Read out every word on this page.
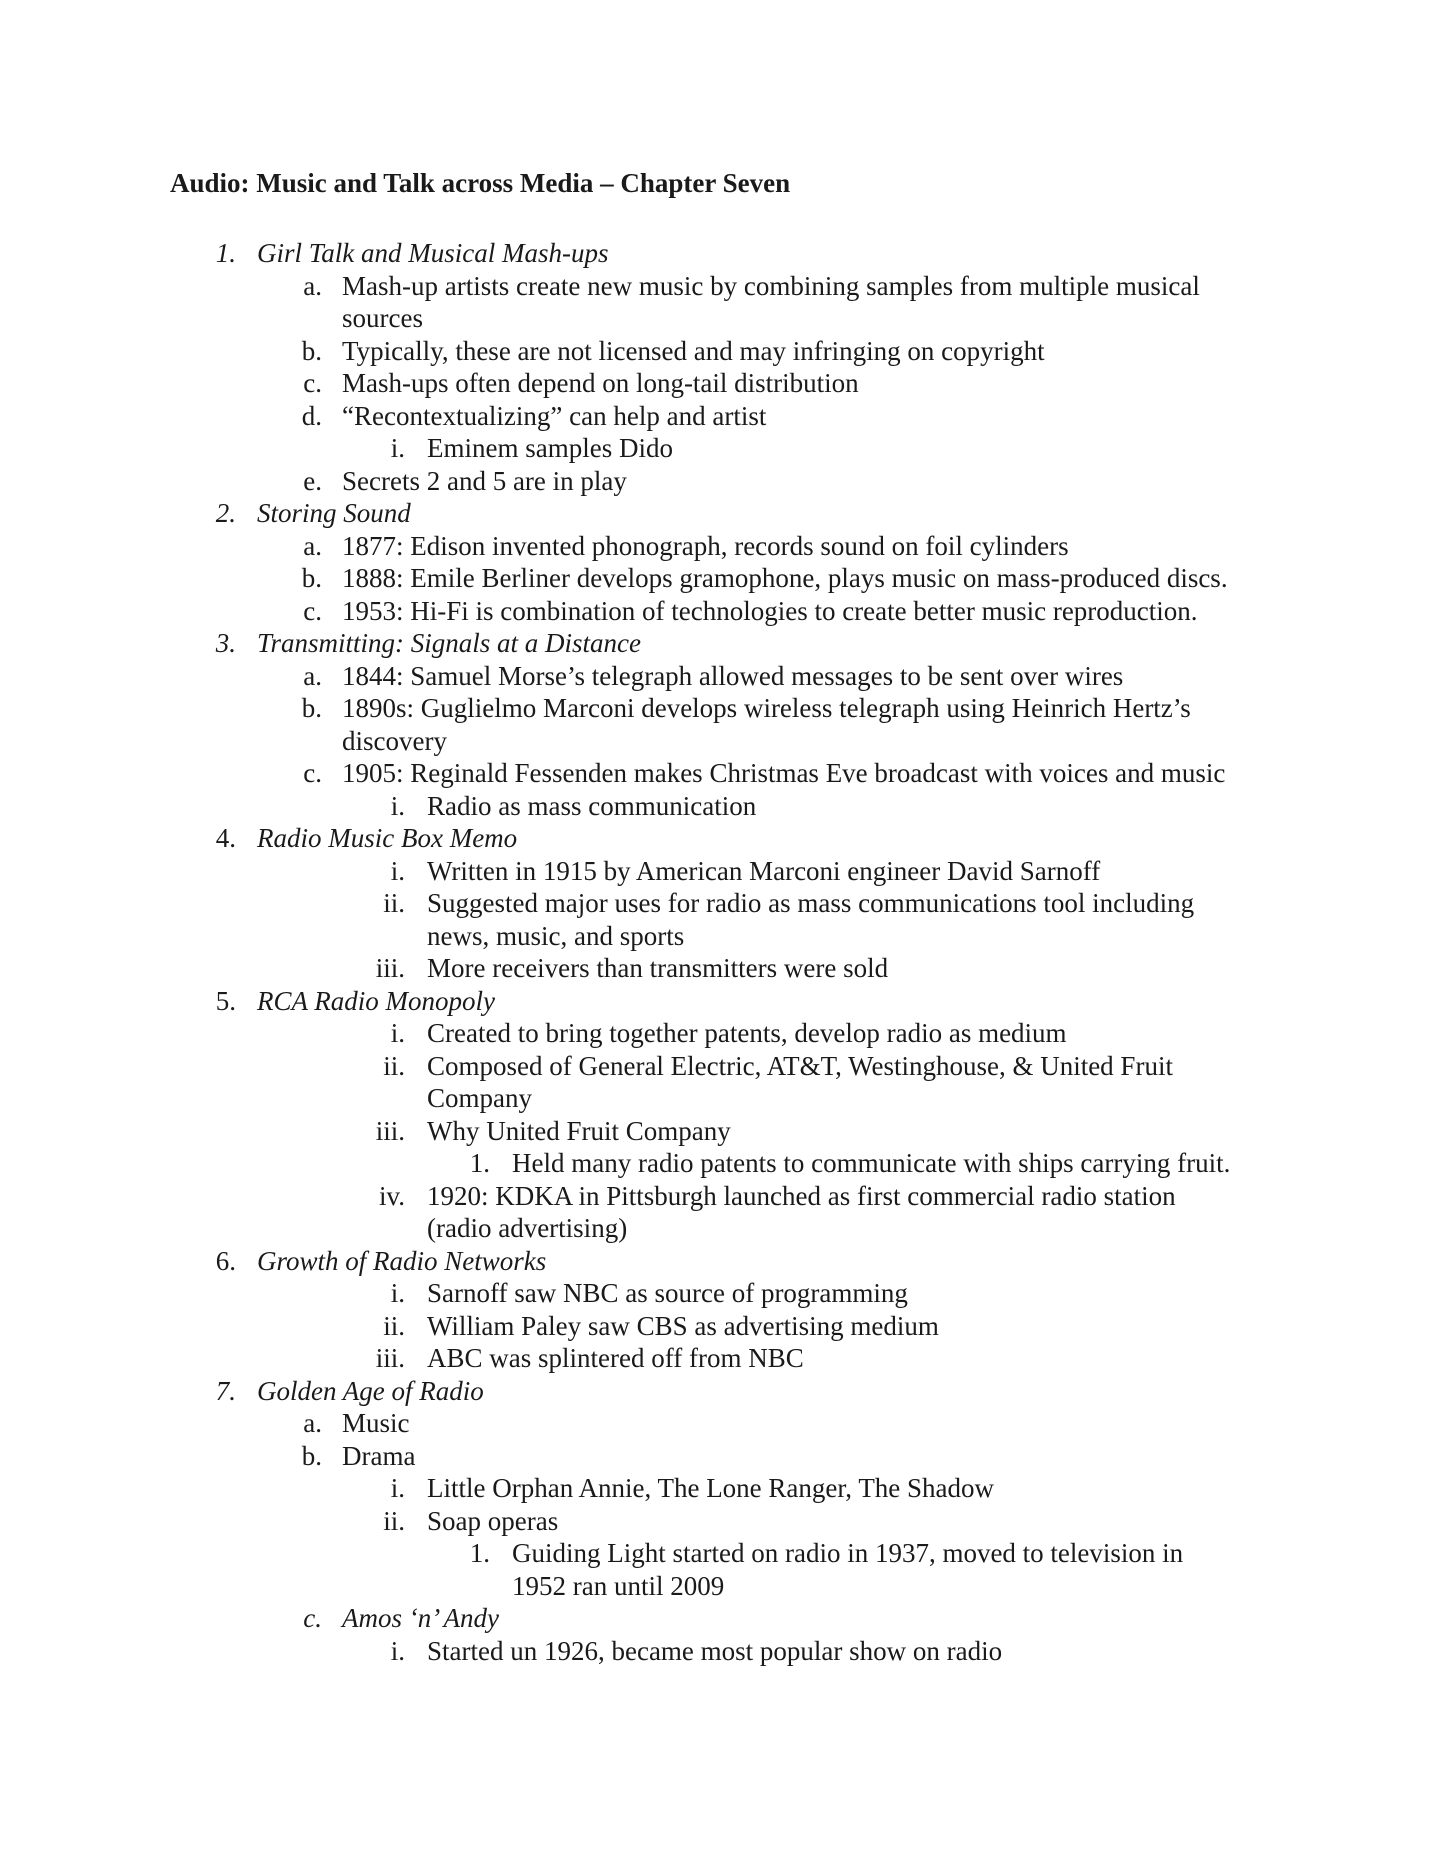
Audio: Music and Talk across Media – Chapter Seven
1. Girl Talk and Musical Mash-ups
a. Mash-up artists create new music by combining samples from multiple musical
sources
b. Typically, these are not licensed and may infringing on copyright
c. Mash-ups often depend on long-tail distribution
d. “Recontextualizing” can help and artist
i. Eminem samples Dido
e. Secrets 2 and 5 are in play
2. Storing Sound
a. 1877: Edison invented phonograph, records sound on foil cylinders
b. 1888: Emile Berliner develops gramophone, plays music on mass-produced discs.
c. 1953: Hi-Fi is combination of technologies to create better music reproduction.
3. Transmitting: Signals at a Distance
a. 1844: Samuel Morse’s telegraph allowed messages to be sent over wires
b. 1890s: Guglielmo Marconi develops wireless telegraph using Heinrich Hertz’s
discovery
c. 1905: Reginald Fessenden makes Christmas Eve broadcast with voices and music
i. Radio as mass communication
4. Radio Music Box Memo
i. Written in 1915 by American Marconi engineer David Sarnoff
ii. Suggested major uses for radio as mass communications tool including
news, music, and sports
iii. More receivers than transmitters were sold
5. RCA Radio Monopoly
i. Created to bring together patents, develop radio as medium
ii. Composed of General Electric, AT&T, Westinghouse, & United Fruit
Company
iii. Why United Fruit Company
1. Held many radio patents to communicate with ships carrying fruit.
iv. 1920: KDKA in Pittsburgh launched as first commercial radio station
(radio advertising)
6. Growth of Radio Networks
i. Sarnoff saw NBC as source of programming
ii. William Paley saw CBS as advertising medium
iii. ABC was splintered off from NBC
7. Golden Age of Radio
a. Music
b. Drama
i. Little Orphan Annie, The Lone Ranger, The Shadow
ii. Soap operas
1. Guiding Light started on radio in 1937, moved to television in
1952 ran until 2009
c. Amos ‘n’ Andy
i. Started un 1926, became most popular show on radio
